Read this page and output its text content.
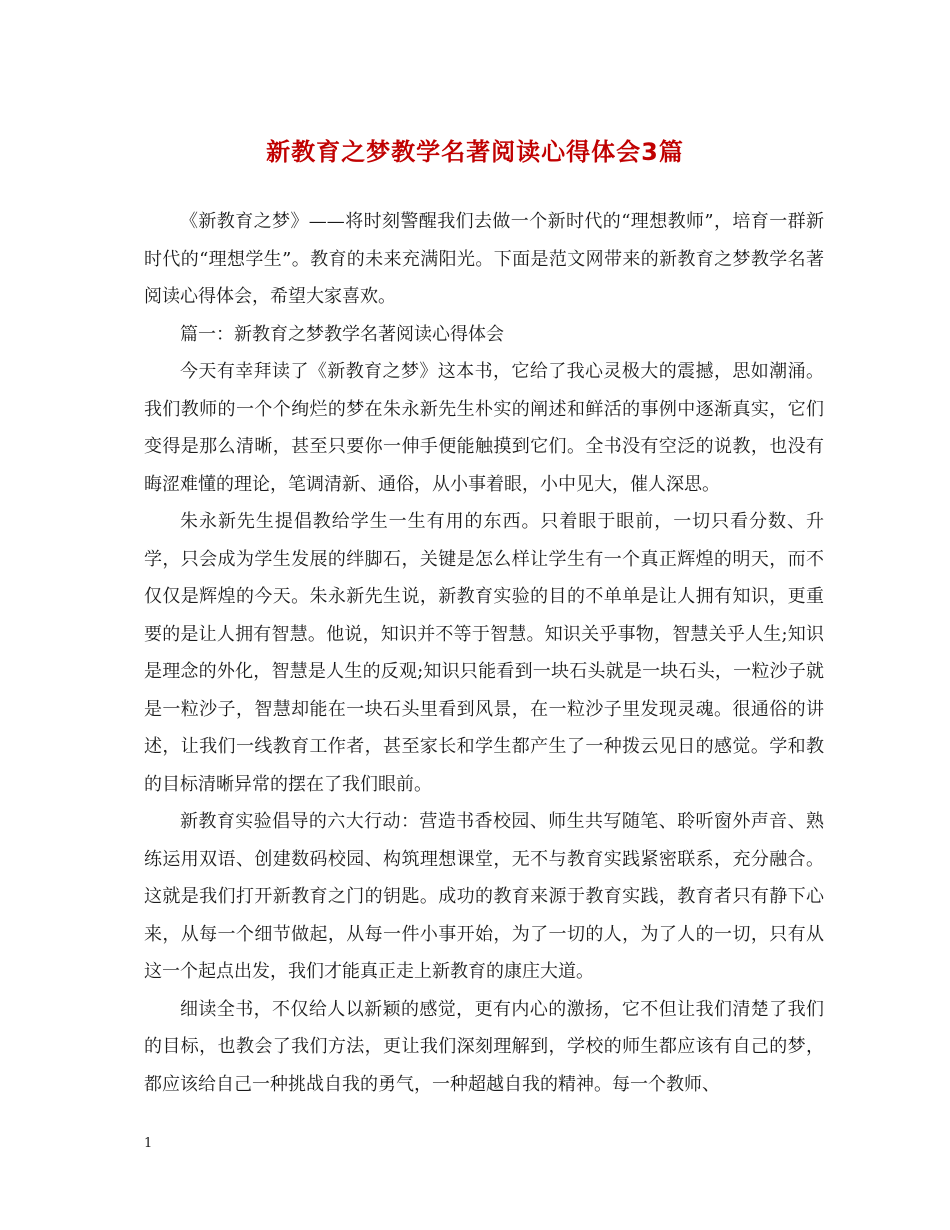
新教育之梦教学名著阅读心得体会3篇

《新教育之梦》——将时刻警醒我们去做一个新时代的“理想教师”，培育一群新时代的“理想学生”。教育的未来充满阳光。下面是范文网带来的新教育之梦教学名著阅读心得体会，希望大家喜欢。

篇一：新教育之梦教学名著阅读心得体会

今天有幸拜读了《新教育之梦》这本书，它给了我心灵极大的震撼，思如潮涌。我们教师的一个个绚烂的梦在朱永新先生朴实的阐述和鲜活的事例中逐渐真实，它们变得是那么清晰，甚至只要你一伸手便能触摸到它们。全书没有空泛的说教，也没有晦涩难懂的理论，笔调清新、通俗，从小事着眼，小中见大，催人深思。

朱永新先生提倡教给学生一生有用的东西。只着眼于眼前，一切只看分数、升学，只会成为学生发展的绊脚石，关键是怎么样让学生有一个真正辉煌的明天，而不仅仅是辉煌的今天。朱永新先生说，新教育实验的目的不单单是让人拥有知识，更重要的是让人拥有智慧。他说，知识并不等于智慧。知识关乎事物，智慧关乎人生;知识是理念的外化，智慧是人生的反观;知识只能看到一块石头就是一块石头，一粒沙子就是一粒沙子，智慧却能在一块石头里看到风景，在一粒沙子里发现灵魂。很通俗的讲述，让我们一线教育工作者，甚至家长和学生都产生了一种拨云见日的感觉。学和教的目标清晰异常的摆在了我们眼前。

新教育实验倡导的六大行动：营造书香校园、师生共写随笔、聆听窗外声音、熟练运用双语、创建数码校园、构筑理想课堂，无不与教育实践紧密联系，充分融合。这就是我们打开新教育之门的钥匙。成功的教育来源于教育实践，教育者只有静下心来，从每一个细节做起，从每一件小事开始，为了一切的人，为了人的一切，只有从这一个起点出发，我们才能真正走上新教育的康庄大道。

细读全书，不仅给人以新颖的感觉，更有内心的激扬，它不但让我们清楚了我们的目标，也教会了我们方法，更让我们深刻理解到，学校的师生都应该有自己的梦，都应该给自己一种挑战自我的勇气，一种超越自我的精神。每一个教师、

1
